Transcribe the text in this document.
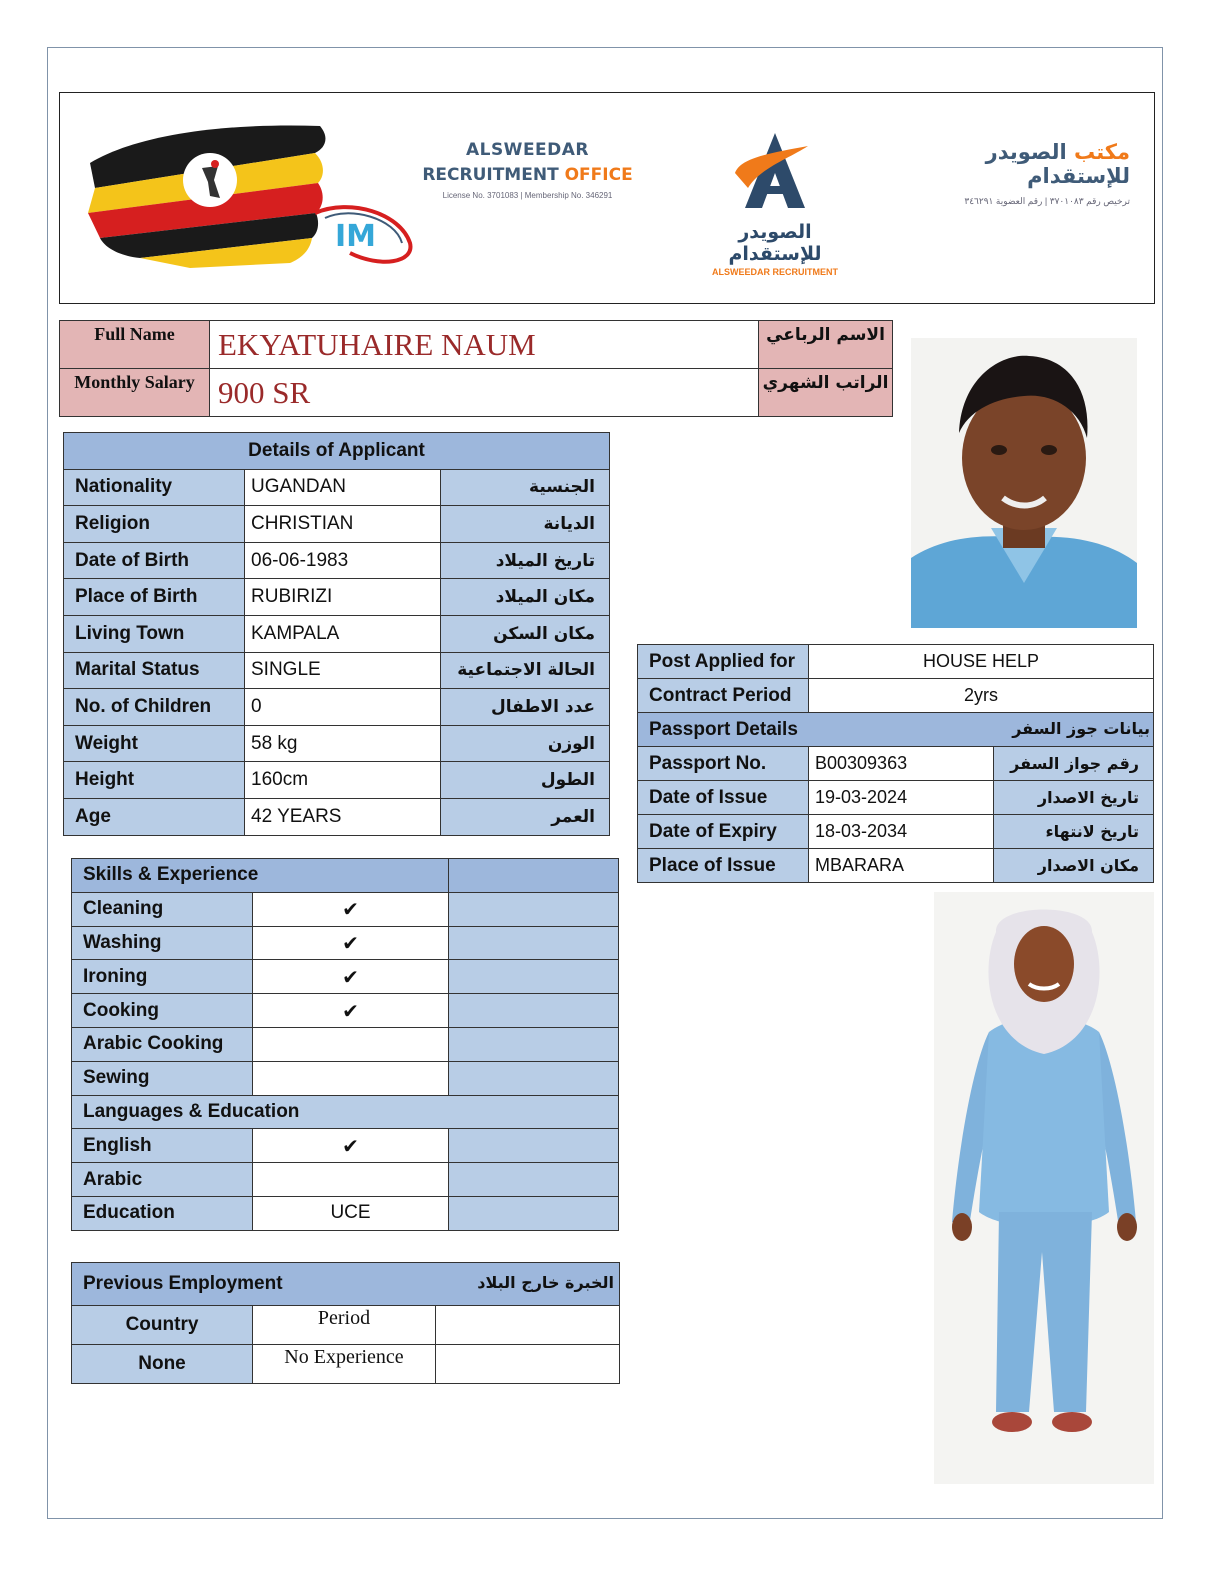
IM
ALSWEEDAR
RECRUITMENT OFFICE
License No. 3701083 | Membership No. 346291
الصويدر للإستقدام
ALSWEEDAR RECRUITMENT
مكتب الصويدر للإستقدام
ترخيص رقم ٣٧٠١٠٨٣ | رقم العضوية ٣٤٦٢٩١
Full Name	EKYATUHAIRE NAUM	الاسم الرباعي
Monthly Salary	900 SR	الراتب الشهري
Details of Applicant		
Nationality	UGANDAN	الجنسية
Religion	CHRISTIAN	الديانة
Date of Birth	06-06-1983	تاريخ الميلاد
Place of Birth	RUBIRIZI	مكان الميلاد
Living Town	KAMPALA	مكان السكن
Marital Status	SINGLE	الحالة الاجتماعية
No. of Children	0	عدد الاطفال
Weight	58 kg	الوزن
Height	160cm	الطول
Age	42 YEARS	العمر
Skills & Experience		
Cleaning	✔	
Washing	✔	
Ironing	✔	
Cooking	✔	
Arabic Cooking		
Sewing		
Languages & Education		
English	✔	
Arabic		
Education	UCE	
Previous Employment الخبرة خارج البلاد		

Country	Period	
None	No Experience	
Post Applied for	HOUSE HELP	
Contract Period	2yrs	
Passport Details بيانات جوز السفر		

Passport No.	B00309363	رقم جواز السفر
Date of Issue	19-03-2024	تاريخ الاصدار
Date of Expiry	18-03-2034	تاريخ لانتهاء
Place of Issue	MBARARA	مكان الاصدار
